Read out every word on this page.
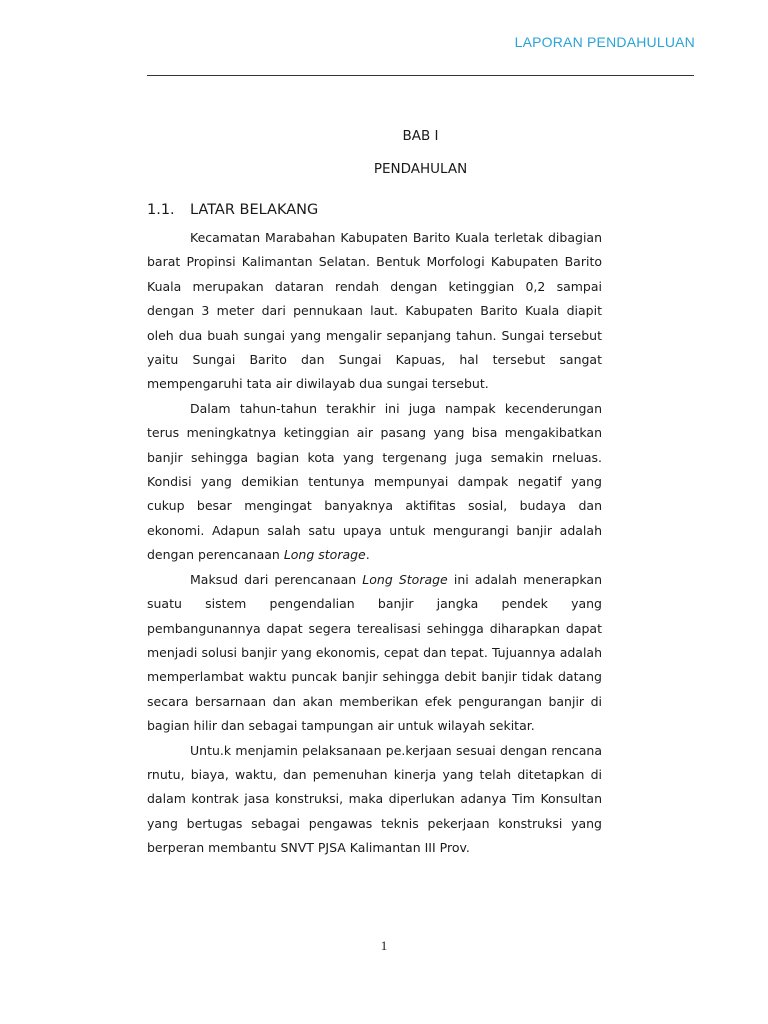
LAPORAN PENDAHULUAN
BAB I
PENDAHULAN
1.1. LATAR BELAKANG

Kecamatan Marabahan Kabupaten Barito Kuala terletak dibagian barat Propinsi Kalimantan Selatan. Bentuk Morfologi Kabupaten Barito Kuala merupakan dataran rendah dengan ketinggian 0,2 sampai dengan 3 meter dari pennukaan laut. Kabupaten Barito Kuala diapit oleh dua buah sungai yang mengalir sepanjang tahun. Sungai tersebut yaitu Sungai Barito dan Sungai Kapuas, hal tersebut sangat mempengaruhi tata air diwilayab dua sungai tersebut.

Dalam tahun-tahun terakhir ini juga nampak kecenderungan terus meningkatnya ketinggian air pasang yang bisa mengakibatkan banjir sehingga bagian kota yang tergenang juga semakin rneluas. Kondisi yang demikian tentunya mempunyai dampak negatif yang cukup besar mengingat banyaknya aktifitas sosial, budaya dan ekonomi. Adapun salah satu upaya untuk mengurangi banjir adalah dengan perencanaan Long storage.

Maksud dari perencanaan Long Storage ini adalah menerapkan suatu sistem pengendalian banjir jangka pendek yang pembangunannya dapat segera terealisasi sehingga diharapkan dapat menjadi solusi banjir yang ekonomis, cepat dan tepat. Tujuannya adalah memperlambat waktu puncak banjir sehingga debit banjir tidak datang secara bersarnaan dan akan memberikan efek pengurangan banjir di bagian hilir dan sebagai tampungan air untuk wilayah sekitar.

Untu.k menjamin pelaksanaan pe.kerjaan sesuai dengan rencana rnutu, biaya, waktu, dan pemenuhan kinerja yang telah ditetapkan di dalam kontrak jasa konstruksi, maka diperlukan adanya Tim Konsultan yang bertugas sebagai pengawas teknis pekerjaan konstruksi yang berperan membantu SNVT PJSA Kalimantan III Prov.

1
